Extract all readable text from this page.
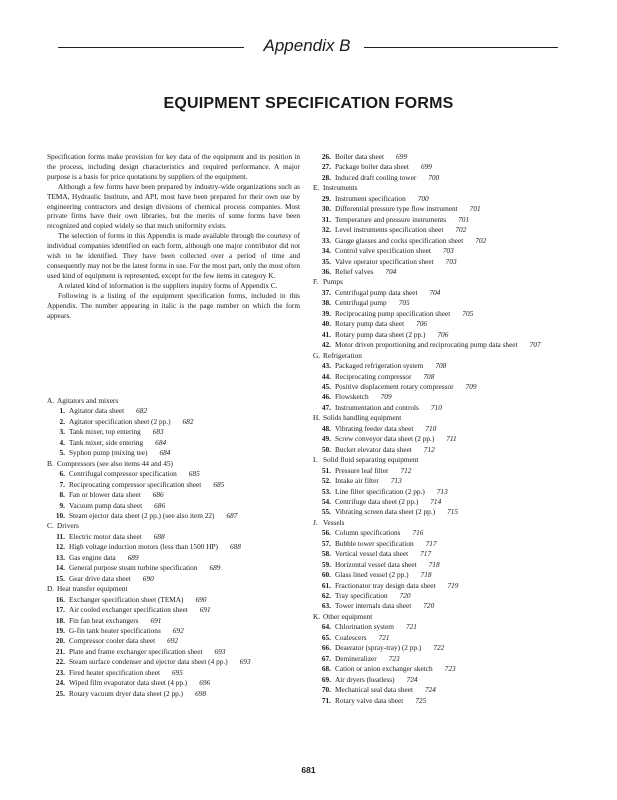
Appendix B
EQUIPMENT SPECIFICATION FORMS

Specification forms make provision for key data of the equipment and its position in the process, including design characteristics and required performance. A major purpose is a basis for price quotations by suppliers of the equipment.

Although a few forms have been prepared by industry-wide organizations such as TEMA, Hydraulic Institute, and API, most have been prepared for their own use by engineering contractors and design divisions of chemical process companies. Most private firms have their own libraries, but the merits of some forms have been recognized and copied widely so that much uniformity exists.

The selection of forms in this Appendix is made available through the courtesy of individual companies identified on each form, although one major contributor did not wish to be identified. They have been collected over a period of time and consequently may not be the latest forms in use. For the most part, only the most often used kind of equipment is represented, except for the few items in category K.

A related kind of information is the suppliers inquiry forms of Appendix C.

Following is a listing of the equipment specification forms, included in this Appendix. The number appearing in italic is the page number on which the form appears.

A. Agitators and mixers
1. Agitator data sheet 682
2. Agitator specification sheet (2 pp.) 682
3. Tank mixer, top entering 683
4. Tank mixer, side entering 684
5. Syphon pump (mixing tee) 684
B. Compressors (see also items 44 and 45)
6. Centrifugal compressor specification 685
7. Reciprocating compressor specification sheet 685
8. Fan or blower data sheet 686
9. Vacuum pump data sheet 686
10. Steam ejector data sheet (2 pp.) (see also item 22) 687
C. Drivers
11. Electric motor data sheet 688
12. High voltage induction motors (less than 1500 HP) 688
13. Gas engine data 689
14. General purpose steam turbine specification 689
15. Gear drive data sheet 690
D. Heat transfer equipment
16. Exchanger specification sheet (TEMA) 690
17. Air cooled exchanger specification sheet 691
18. Fin fan heat exchangers 691
19. G-fin tank heater specifications 692
20. Compressor cooler data sheet 692
21. Plate and frame exchanger specification sheet 693
22. Steam surface condenser and ejector data sheet (4 pp.) 693
23. Fired heater specification sheet 695
24. Wiped film evaporator data sheet (4 pp.) 696
25. Rotary vacuum dryer data sheet (2 pp.) 698
26. Boiler data sheet 699
27. Package boiler data sheet 699
28. Induced draft cooling tower 700
E. Instruments
29. Instrument specification 700
30. Differential pressure type flow instrument 701
31. Temperature and pressure instruments 701
32. Level instruments specification sheet 702
33. Gauge glasses and cocks specification sheet 702
34. Control valve specification sheet 703
35. Valve operator specification sheet 703
36. Relief valves 704
F. Pumps
37. Centrifugal pump data sheet 704
38. Centrifugal pump 705
39. Reciprocating pump specification sheet 705
40. Rotary pump data sheet 706
41. Rotary pump data sheet (2 pp.) 706
42. Motor driven proportioning and reciprocating pump data sheet 707
G. Refrigeration
43. Packaged refrigeration system 708
44. Reciprocating compressor 708
45. Positive displacement rotary compressor 709
46. Flowsketch 709
47. Instrumentation and controls 710
H. Solids handling equipment
48. Vibrating feeder data sheet 710
49. Screw conveyor data sheet (2 pp.) 711
50. Bucket elevator data sheet 712
I. Solid fluid separating equipment
51. Pressure leaf filter 712
52. Intake air filter 713
53. Line filter specification (2 pp.) 713
54. Centrifuge data sheet (2 pp.) 714
55. Vibrating screen data sheet (2 pp.) 715
J. Vessels
56. Column specifications 716
57. Bubble tower specification 717
58. Vertical vessel data sheet 717
59. Horizontal vessel data sheet 718
60. Glass lined vessel (2 pp.) 718
61. Fractionator tray design data sheet 719
62. Tray specification 720
63. Tower internals data sheet 720
K. Other equipment
64. Chlorination system 721
65. Coalescers 721
66. Deaerator (spray-tray) (2 pp.) 722
67. Demineralizer 723
68. Cation or anion exchanger sketch 723
69. Air dryers (heatless) 724
70. Mechanical seal data sheet 724
71. Rotary valve data sheet 725
681
